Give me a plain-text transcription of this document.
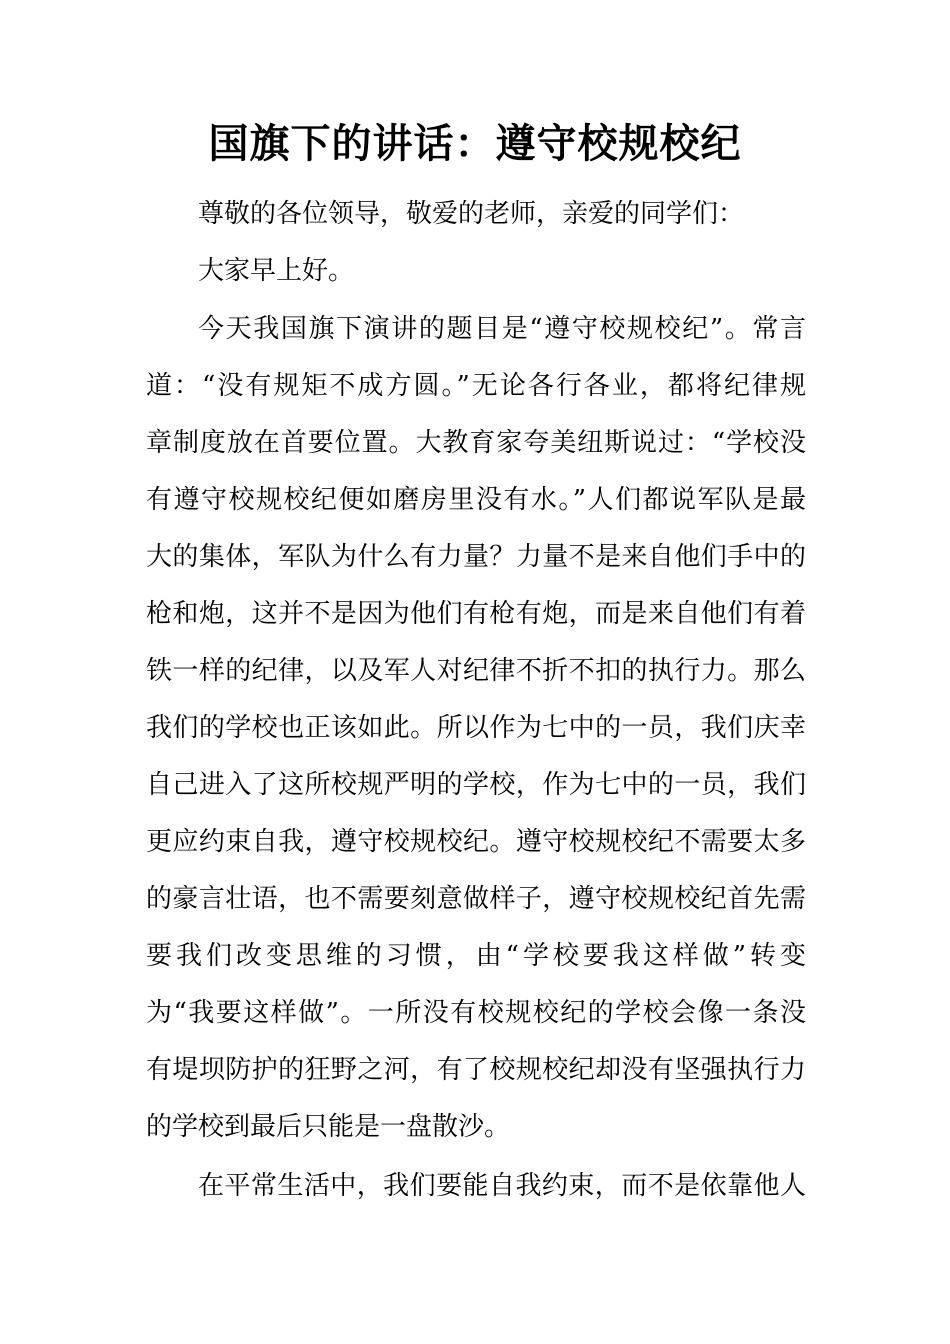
国旗下的讲话：遵守校规校纪
尊敬的各位领导，敬爱的老师，亲爱的同学们：
大家早上好。
今天我国旗下演讲的题目是“遵守校规校纪”。常言
道：“没有规矩不成方圆。”无论各行各业，都将纪律规
章制度放在首要位置。大教育家夸美纽斯说过：“学校没
有遵守校规校纪便如磨房里没有水。”人们都说军队是最
大的集体，军队为什么有力量？力量不是来自他们手中的
枪和炮，这并不是因为他们有枪有炮，而是来自他们有着
铁一样的纪律，以及军人对纪律不折不扣的执行力。那么
我们的学校也正该如此。所以作为七中的一员，我们庆幸
自己进入了这所校规严明的学校，作为七中的一员，我们
更应约束自我，遵守校规校纪。遵守校规校纪不需要太多
的豪言壮语，也不需要刻意做样子，遵守校规校纪首先需
要我们改变思维的习惯，由“学校要我这样做”转变
为“我要这样做”。一所没有校规校纪的学校会像一条没
有堤坝防护的狂野之河，有了校规校纪却没有坚强执行力
的学校到最后只能是一盘散沙。
在平常生活中，我们要能自我约束，而不是依靠他人
